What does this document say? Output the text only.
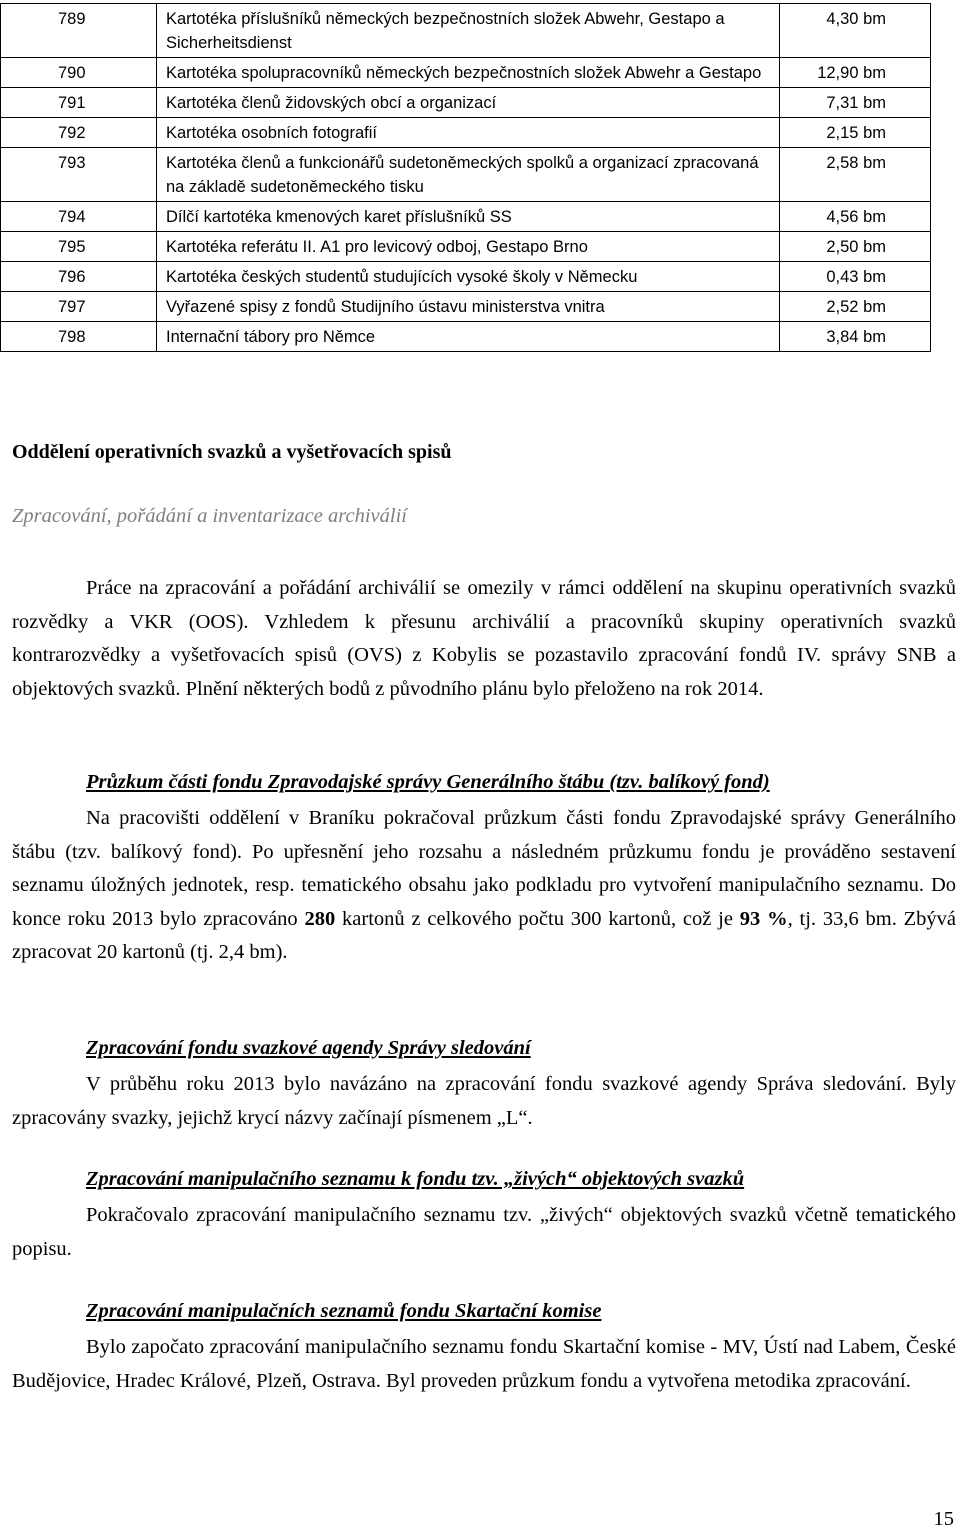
789	Kartotéka příslušníků německých bezpečnostních složek Abwehr, Gestapo a Sicherheitsdienst	4,30 bm
790	Kartotéka spolupracovníků německých bezpečnostních složek Abwehr a Gestapo	12,90 bm
791	Kartotéka členů židovských obcí a organizací	7,31 bm
792	Kartotéka osobních fotografií	2,15 bm
793	Kartotéka členů a funkcionářů sudetoněmeckých spolků a organizací zpracovaná na základě sudetoněmeckého tisku	2,58 bm
794	Dílčí kartotéka kmenových karet příslušníků SS	4,56 bm
795	Kartotéka referátu II. A1 pro levicový odboj, Gestapo Brno	2,50 bm
796	Kartotéka českých studentů studujících vysoké školy v Německu	0,43 bm
797	Vyřazené spisy z fondů Studijního ústavu ministerstva vnitra	2,52 bm
798	Internační tábory pro Němce	3,84 bm
Oddělení operativních svazků a vyšetřovacích spisů
Zpracování, pořádání a inventarizace archiválií
Práce na zpracování a pořádání archiválií se omezily v rámci oddělení na skupinu operativních svazků rozvědky a VKR (OOS). Vzhledem k přesunu archiválií a pracovníků skupiny operativních svazků kontrarozvědky a vyšetřovacích spisů (OVS) z Kobylis se pozastavilo zpracování fondů IV. správy SNB a objektových svazků. Plnění některých bodů z původního plánu bylo přeloženo na rok 2014.
Průzkum části fondu Zpravodajské správy Generálního štábu (tzv. balíkový fond)
Na pracovišti oddělení v Braníku pokračoval průzkum části fondu Zpravodajské správy Generálního štábu (tzv. balíkový fond). Po upřesnění jeho rozsahu a následném průzkumu fondu je prováděno sestavení seznamu úložných jednotek, resp. tematického obsahu jako podkladu pro vytvoření manipulačního seznamu. Do konce roku 2013 bylo zpracováno 280 kartonů z celkového počtu 300 kartonů, což je 93 %, tj. 33,6 bm. Zbývá zpracovat 20 kartonů (tj. 2,4 bm).
Zpracování fondu svazkové agendy Správy sledování
V průběhu roku 2013 bylo navázáno na zpracování fondu svazkové agendy Správa sledování. Byly zpracovány svazky, jejichž krycí názvy začínají písmenem „L“.
Zpracování manipulačního seznamu k fondu tzv. „živých“ objektových svazků
Pokračovalo zpracování manipulačního seznamu tzv. „živých“ objektových svazků včetně tematického popisu.
Zpracování manipulačních seznamů fondu Skartační komise
Bylo započato zpracování manipulačního seznamu fondu Skartační komise - MV, Ústí nad Labem, České Budějovice, Hradec Králové, Plzeň, Ostrava. Byl proveden průzkum fondu a vytvořena metodika zpracování.
15
